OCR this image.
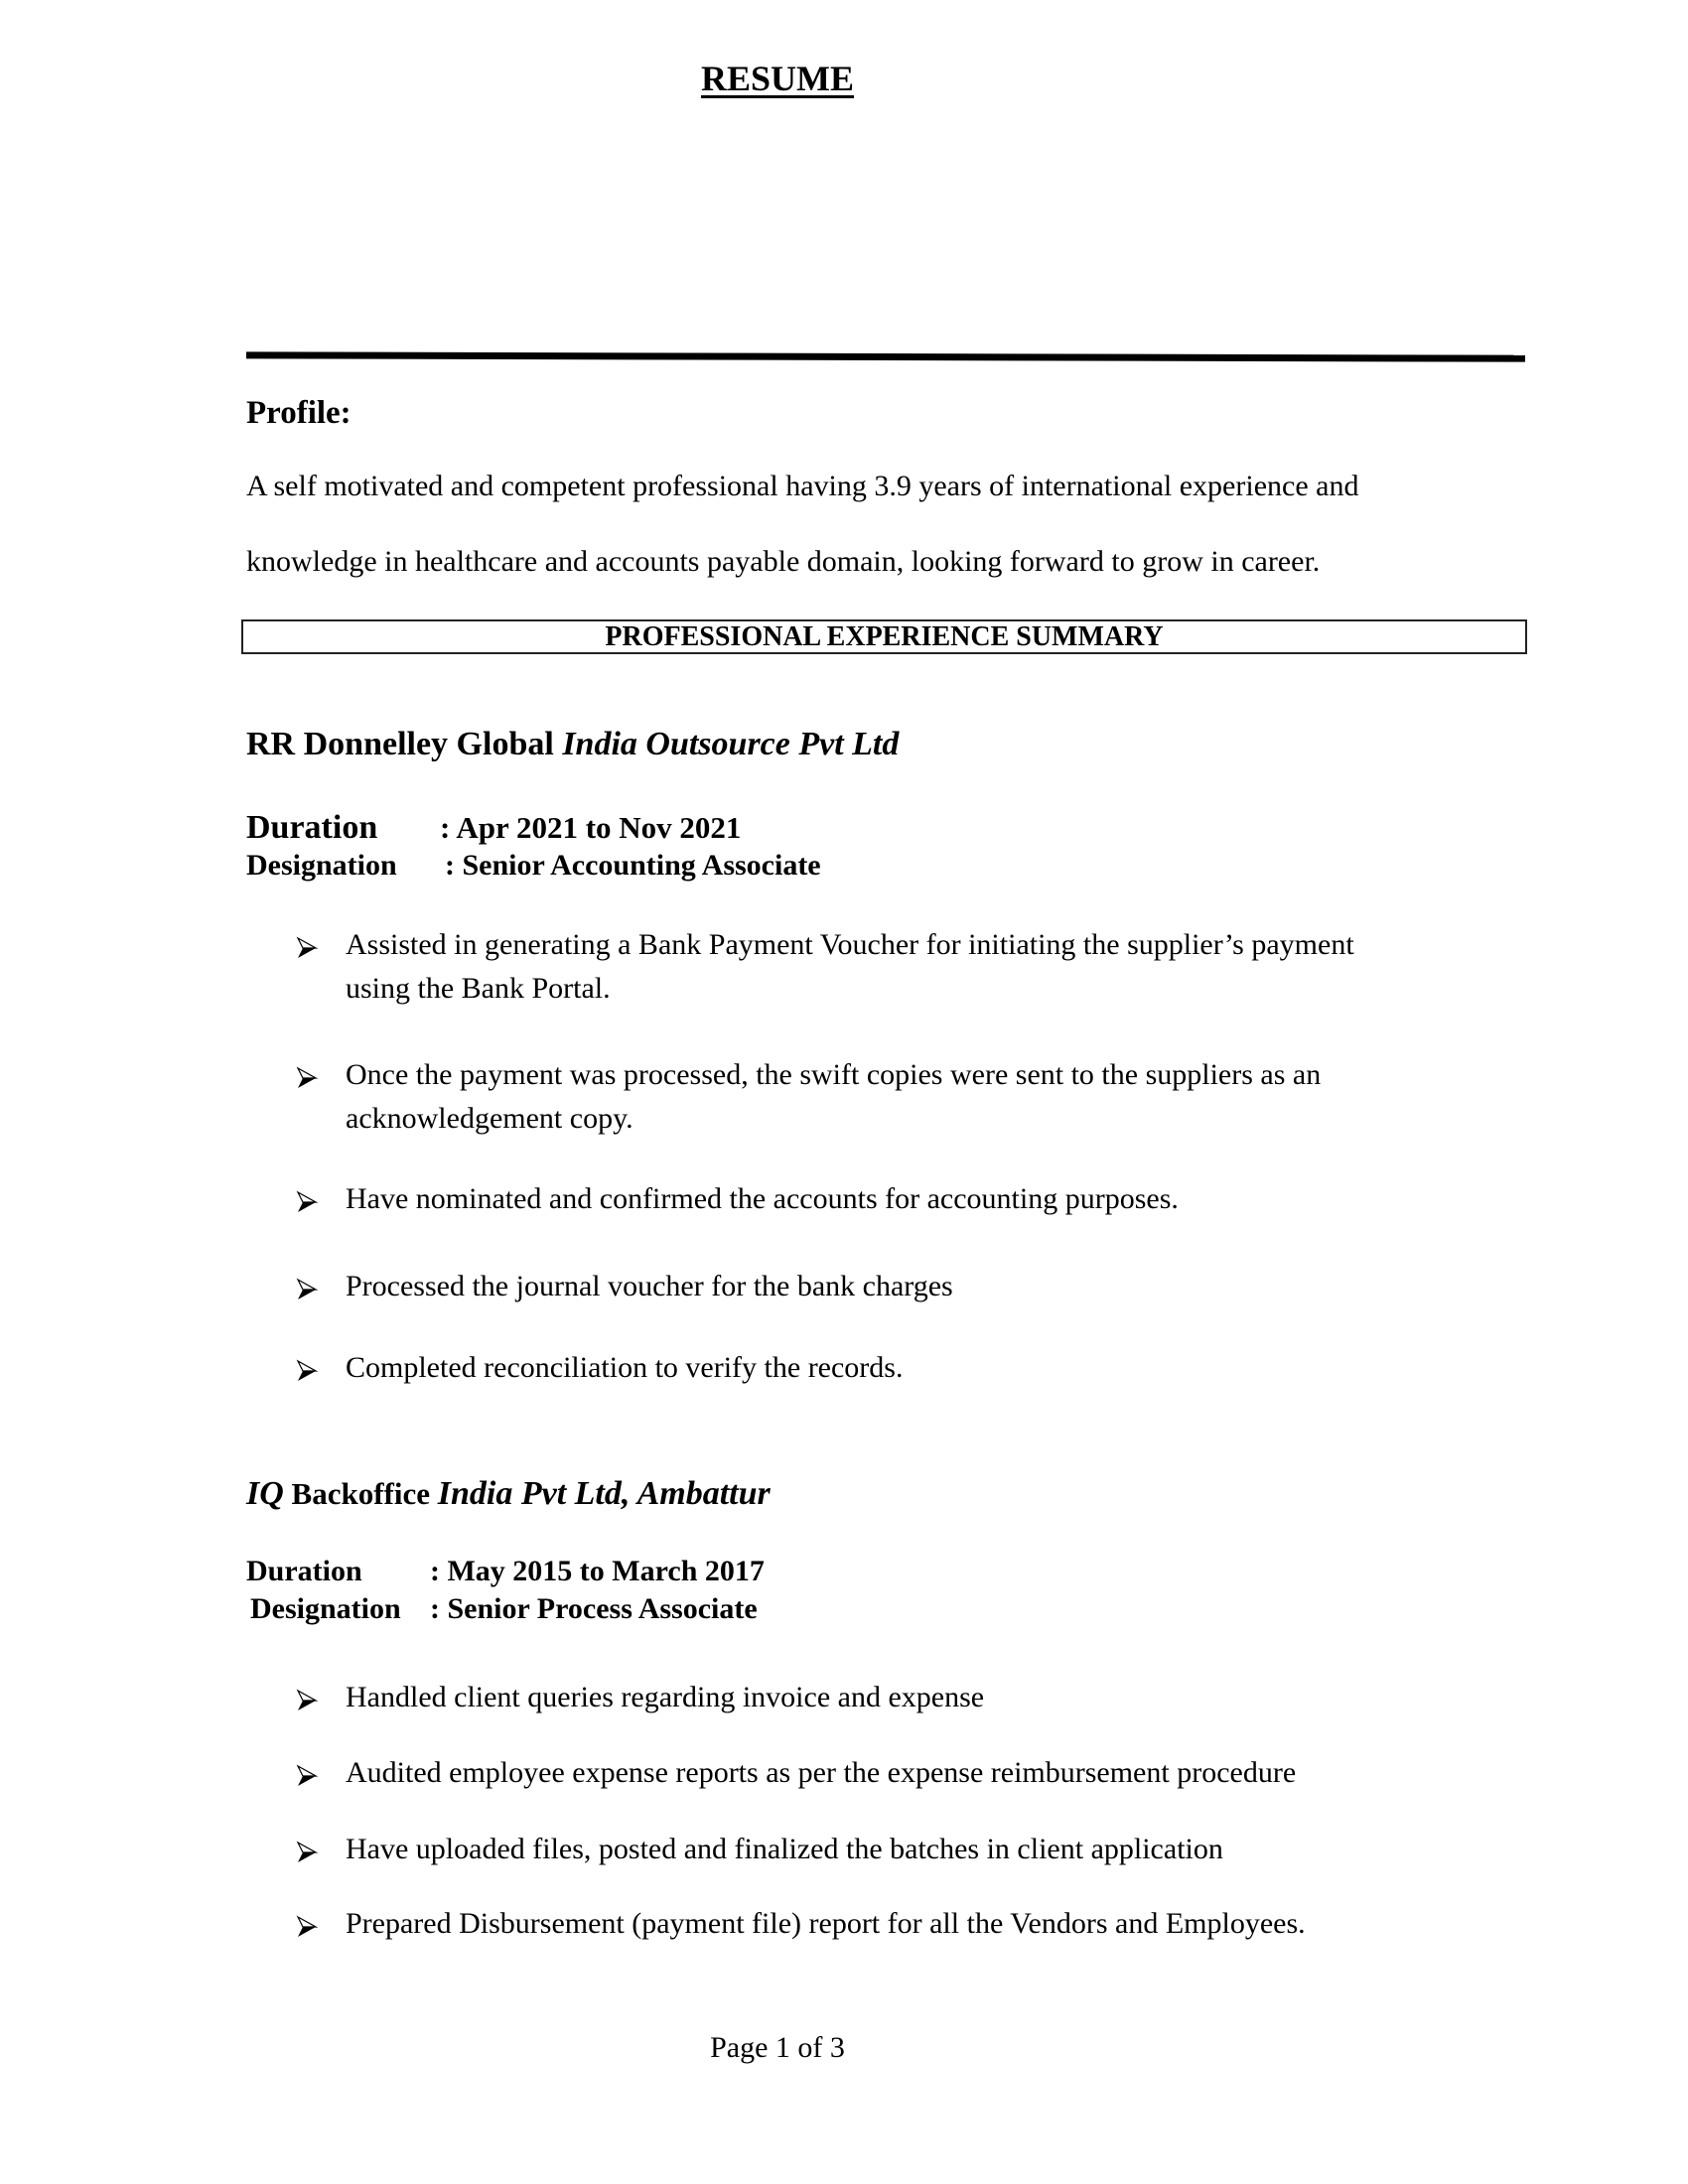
RESUME
Profile:
A self motivated and competent professional having 3.9 years of international experience and
knowledge in healthcare and accounts payable domain, looking forward to grow in career.
PROFESSIONAL EXPERIENCE SUMMARY
RR Donnelley Global India Outsource Pvt Ltd
Duration : Apr 2021 to Nov 2021
Designation : Senior Accounting Associate
Assisted in generating a Bank Payment Voucher for initiating the supplier’s payment
using the Bank Portal.
Once the payment was processed, the swift copies were sent to the suppliers as an
acknowledgement copy.
Have nominated and confirmed the accounts for accounting purposes.
Processed the journal voucher for the bank charges
Completed reconciliation to verify the records.
IQ Backoffice India Pvt Ltd, Ambattur
Duration : May 2015 to March 2017
Designation : Senior Process Associate
Handled client queries regarding invoice and expense
Audited employee expense reports as per the expense reimbursement procedure
Have uploaded files, posted and finalized the batches in client application
Prepared Disbursement (payment file) report for all the Vendors and Employees.
Page 1 of 3
